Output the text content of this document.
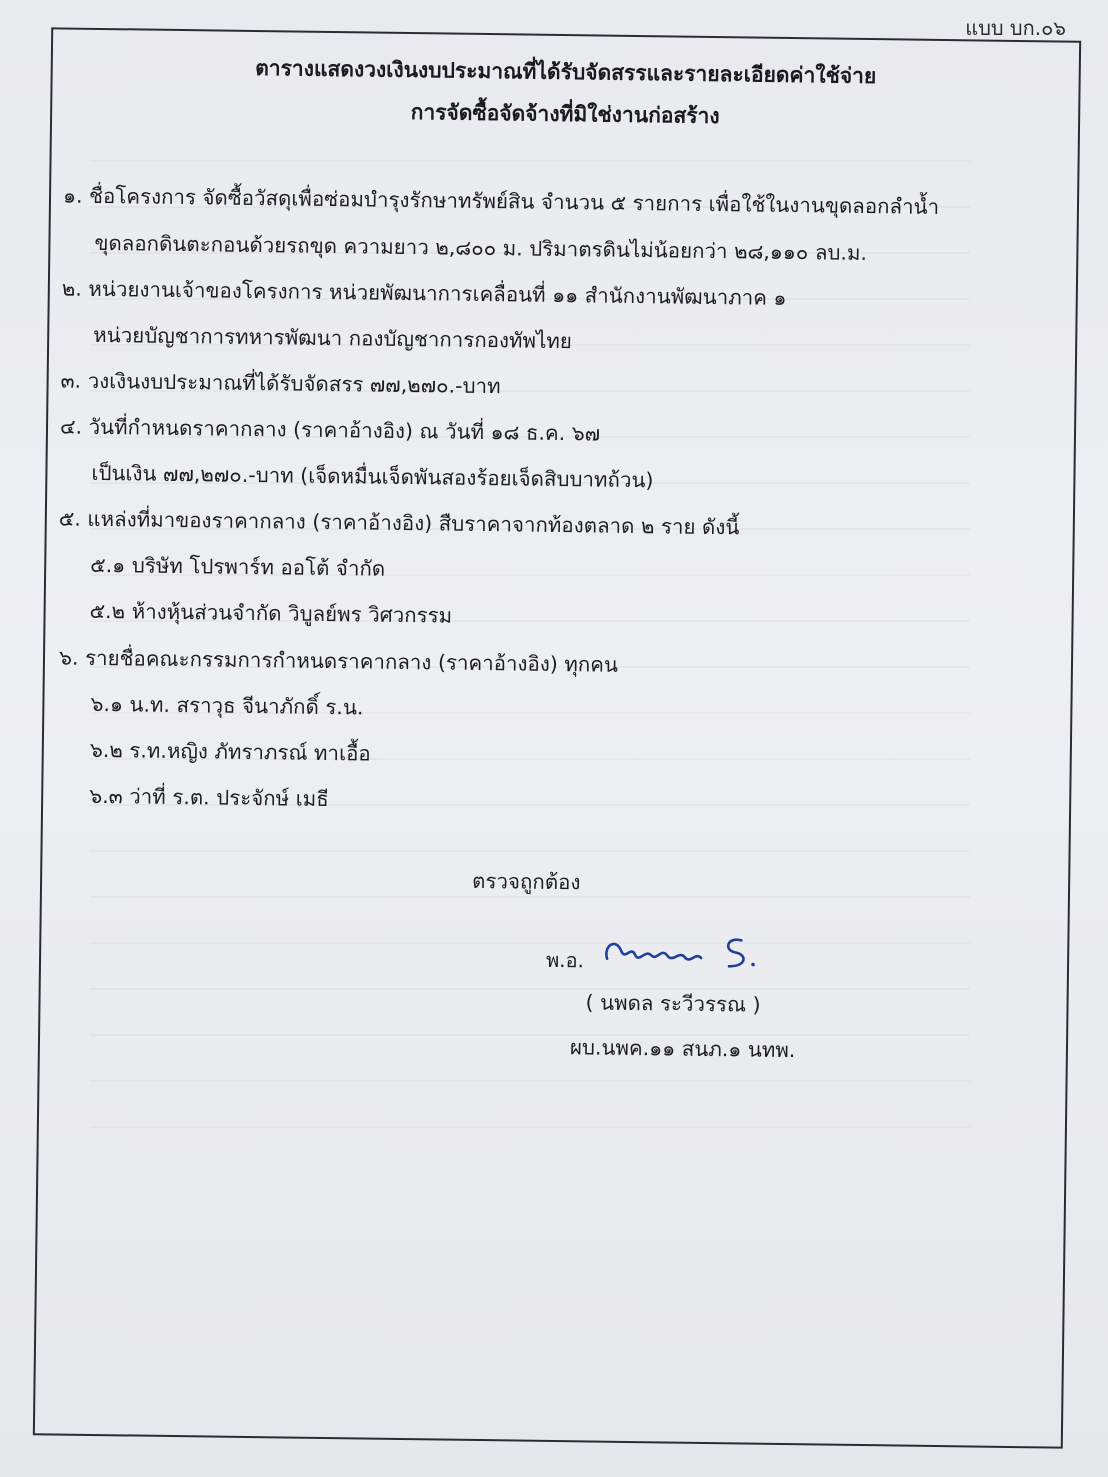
แบบ บก.๐๖
ตารางแสดงวงเงินงบประมาณที่ได้รับจัดสรรและรายละเอียดค่าใช้จ่าย
การจัดซื้อจัดจ้างที่มิใช่งานก่อสร้าง
๑. ชื่อโครงการ จัดซื้อวัสดุเพื่อซ่อมบำรุงรักษาทรัพย์สิน จำนวน ๕ รายการ เพื่อใช้ในงานขุดลอกลำน้ำ
ขุดลอกดินตะกอนด้วยรถขุด ความยาว ๒,๘๐๐ ม. ปริมาตรดินไม่น้อยกว่า ๒๘,๑๑๐ ลบ.ม.
๒. หน่วยงานเจ้าของโครงการ หน่วยพัฒนาการเคลื่อนที่ ๑๑ สำนักงานพัฒนาภาค ๑
หน่วยบัญชาการทหารพัฒนา กองบัญชาการกองทัพไทย
๓. วงเงินงบประมาณที่ได้รับจัดสรร ๗๗,๒๗๐.-บาท
๔. วันที่กำหนดราคากลาง (ราคาอ้างอิง) ณ วันที่ ๑๘ ธ.ค. ๖๗
เป็นเงิน ๗๗,๒๗๐.-บาท (เจ็ดหมื่นเจ็ดพันสองร้อยเจ็ดสิบบาทถ้วน)
๕. แหล่งที่มาของราคากลาง (ราคาอ้างอิง) สืบราคาจากท้องตลาด ๒ ราย ดังนี้
๕.๑ บริษัท โปรพาร์ท ออโต้ จำกัด
๕.๒ ห้างหุ้นส่วนจำกัด วิบูลย์พร วิศวกรรม
๖. รายชื่อคณะกรรมการกำหนดราคากลาง (ราคาอ้างอิง) ทุกคน
๖.๑ น.ท. สราวุธ จีนาภักดิ์ ร.น.
๖.๒ ร.ท.หญิง ภัทราภรณ์ ทาเอื้อ
๖.๓ ว่าที่ ร.ต. ประจักษ์ เมธี
ตรวจถูกต้อง
พ.อ.
( นพดล ระวีวรรณ )
ผบ.นพค.๑๑ สนภ.๑ นทพ.
